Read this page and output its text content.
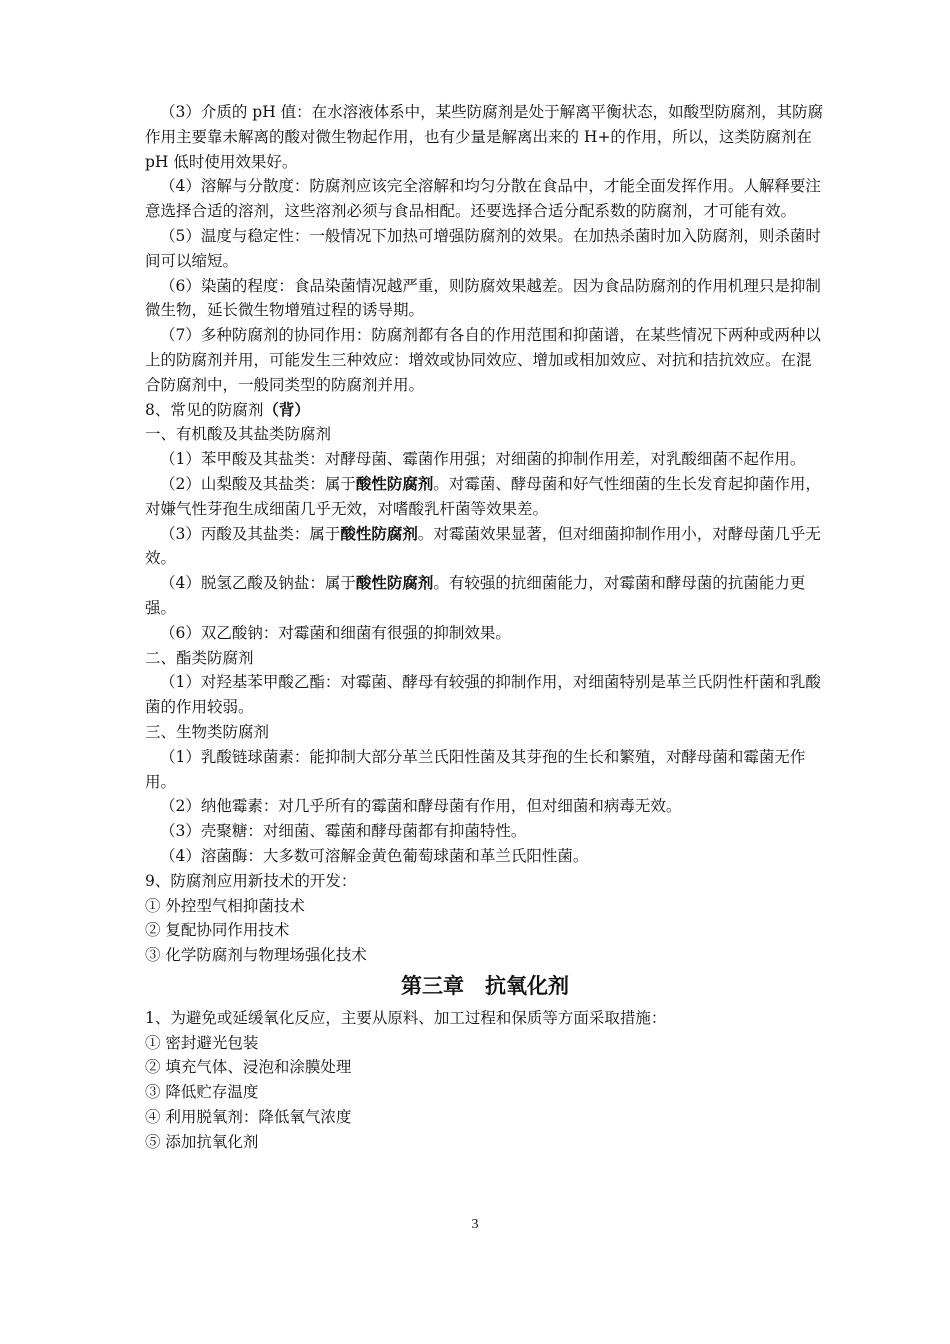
（3）介质的 pH 值：在水溶液体系中，某些防腐剂是处于解离平衡状态，如酸型防腐剂，其防腐作用主要靠未解离的酸对微生物起作用，也有少量是解离出来的 H+的作用，所以，这类防腐剂在 pH 低时使用效果好。

（4）溶解与分散度：防腐剂应该完全溶解和均匀分散在食品中，才能全面发挥作用。人解释要注意选择合适的溶剂，这些溶剂必须与食品相配。还要选择合适分配系数的防腐剂，才可能有效。

（5）温度与稳定性：一般情况下加热可增强防腐剂的效果。在加热杀菌时加入防腐剂，则杀菌时间可以缩短。

（6）染菌的程度：食品染菌情况越严重，则防腐效果越差。因为食品防腐剂的作用机理只是抑制微生物，延长微生物增殖过程的诱导期。

（7）多种防腐剂的协同作用：防腐剂都有各自的作用范围和抑菌谱，在某些情况下两种或两种以上的防腐剂并用，可能发生三种效应：增效或协同效应、增加或相加效应、对抗和拮抗效应。在混合防腐剂中，一般同类型的防腐剂并用。

8、常见的防腐剂（背）

一、有机酸及其盐类防腐剂

（1）苯甲酸及其盐类：对酵母菌、霉菌作用强；对细菌的抑制作用差，对乳酸细菌不起作用。

（2）山梨酸及其盐类：属于酸性防腐剂。对霉菌、酵母菌和好气性细菌的生长发育起抑菌作用，对嫌气性芽孢生成细菌几乎无效，对嗜酸乳杆菌等效果差。

（3）丙酸及其盐类：属于酸性防腐剂。对霉菌效果显著，但对细菌抑制作用小，对酵母菌几乎无效。

（4）脱氢乙酸及钠盐：属于酸性防腐剂。有较强的抗细菌能力，对霉菌和酵母菌的抗菌能力更强。

（6）双乙酸钠：对霉菌和细菌有很强的抑制效果。

二、酯类防腐剂

（1）对羟基苯甲酸乙酯：对霉菌、酵母有较强的抑制作用，对细菌特别是革兰氏阴性杆菌和乳酸菌的作用较弱。

三、生物类防腐剂

（1）乳酸链球菌素：能抑制大部分革兰氏阳性菌及其芽孢的生长和繁殖，对酵母菌和霉菌无作用。

（2）纳他霉素：对几乎所有的霉菌和酵母菌有作用，但对细菌和病毒无效。

（3）壳聚糖：对细菌、霉菌和酵母菌都有抑菌特性。

（4）溶菌酶：大多数可溶解金黄色葡萄球菌和革兰氏阳性菌。

9、防腐剂应用新技术的开发：

① 外控型气相抑菌技术

② 复配协同作用技术

③ 化学防腐剂与物理场强化技术

第三章　抗氧化剂

1、为避免或延缓氧化反应，主要从原料、加工过程和保质等方面采取措施：

① 密封避光包装

② 填充气体、浸泡和涂膜处理

③ 降低贮存温度

④ 利用脱氧剂：降低氧气浓度

⑤ 添加抗氧化剂

3
